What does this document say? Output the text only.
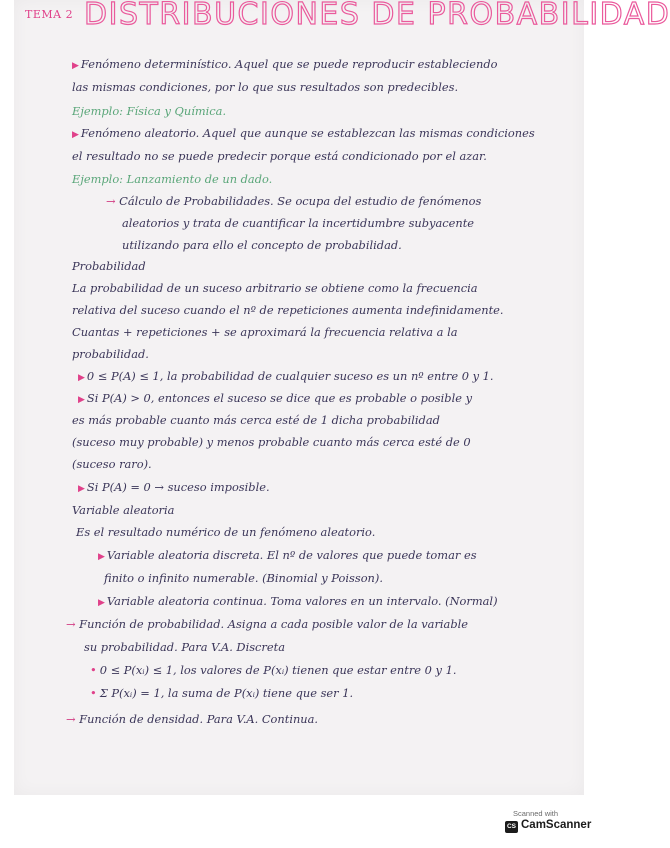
TEMA 2 DISTRIBUCIONES DE PROBABILIDAD
▶ Fenómeno determinístico. Aquel que se puede reproducir estableciendo
las mismas condiciones, por lo que sus resultados son predecibles.
Ejemplo: Física y Química.
▶ Fenómeno aleatorio. Aquel que aunque se establezcan las mismas condiciones
el resultado no se puede predecir porque está condicionado por el azar.
Ejemplo: Lanzamiento de un dado.
→ Cálculo de Probabilidades. Se ocupa del estudio de fenómenos
aleatorios y trata de cuantificar la incertidumbre subyacente
utilizando para ello el concepto de probabilidad.
Probabilidad
La probabilidad de un suceso arbitrario se obtiene como la frecuencia
relativa del suceso cuando el nº de repeticiones aumenta indefinidamente.
Cuantas + repeticiones + se aproximará la frecuencia relativa a la
probabilidad.
▶ 0 ≤ P(A) ≤ 1, la probabilidad de cualquier suceso es un nº entre 0 y 1.
▶ Si P(A) > 0, entonces el suceso se dice que es probable o posible y
es más probable cuanto más cerca esté de 1 dicha probabilidad
(suceso muy probable) y menos probable cuanto más cerca esté de 0
(suceso raro).
▶ Si P(A) = 0 → suceso imposible.
Variable aleatoria
Es el resultado numérico de un fenómeno aleatorio.
▶ Variable aleatoria discreta. El nº de valores que puede tomar es
finito o infinito numerable. (Binomial y Poisson).
▶ Variable aleatoria continua. Toma valores en un intervalo. (Normal)
→ Función de probabilidad. Asigna a cada posible valor de la variable
su probabilidad. Para V.A. Discreta
• 0 ≤ P(xᵢ) ≤ 1, los valores de P(xᵢ) tienen que estar entre 0 y 1.
• Σ P(xᵢ) = 1, la suma de P(xᵢ) tiene que ser 1.
→ Función de densidad. Para V.A. Continua.
Scanned with
CS CamScanner
